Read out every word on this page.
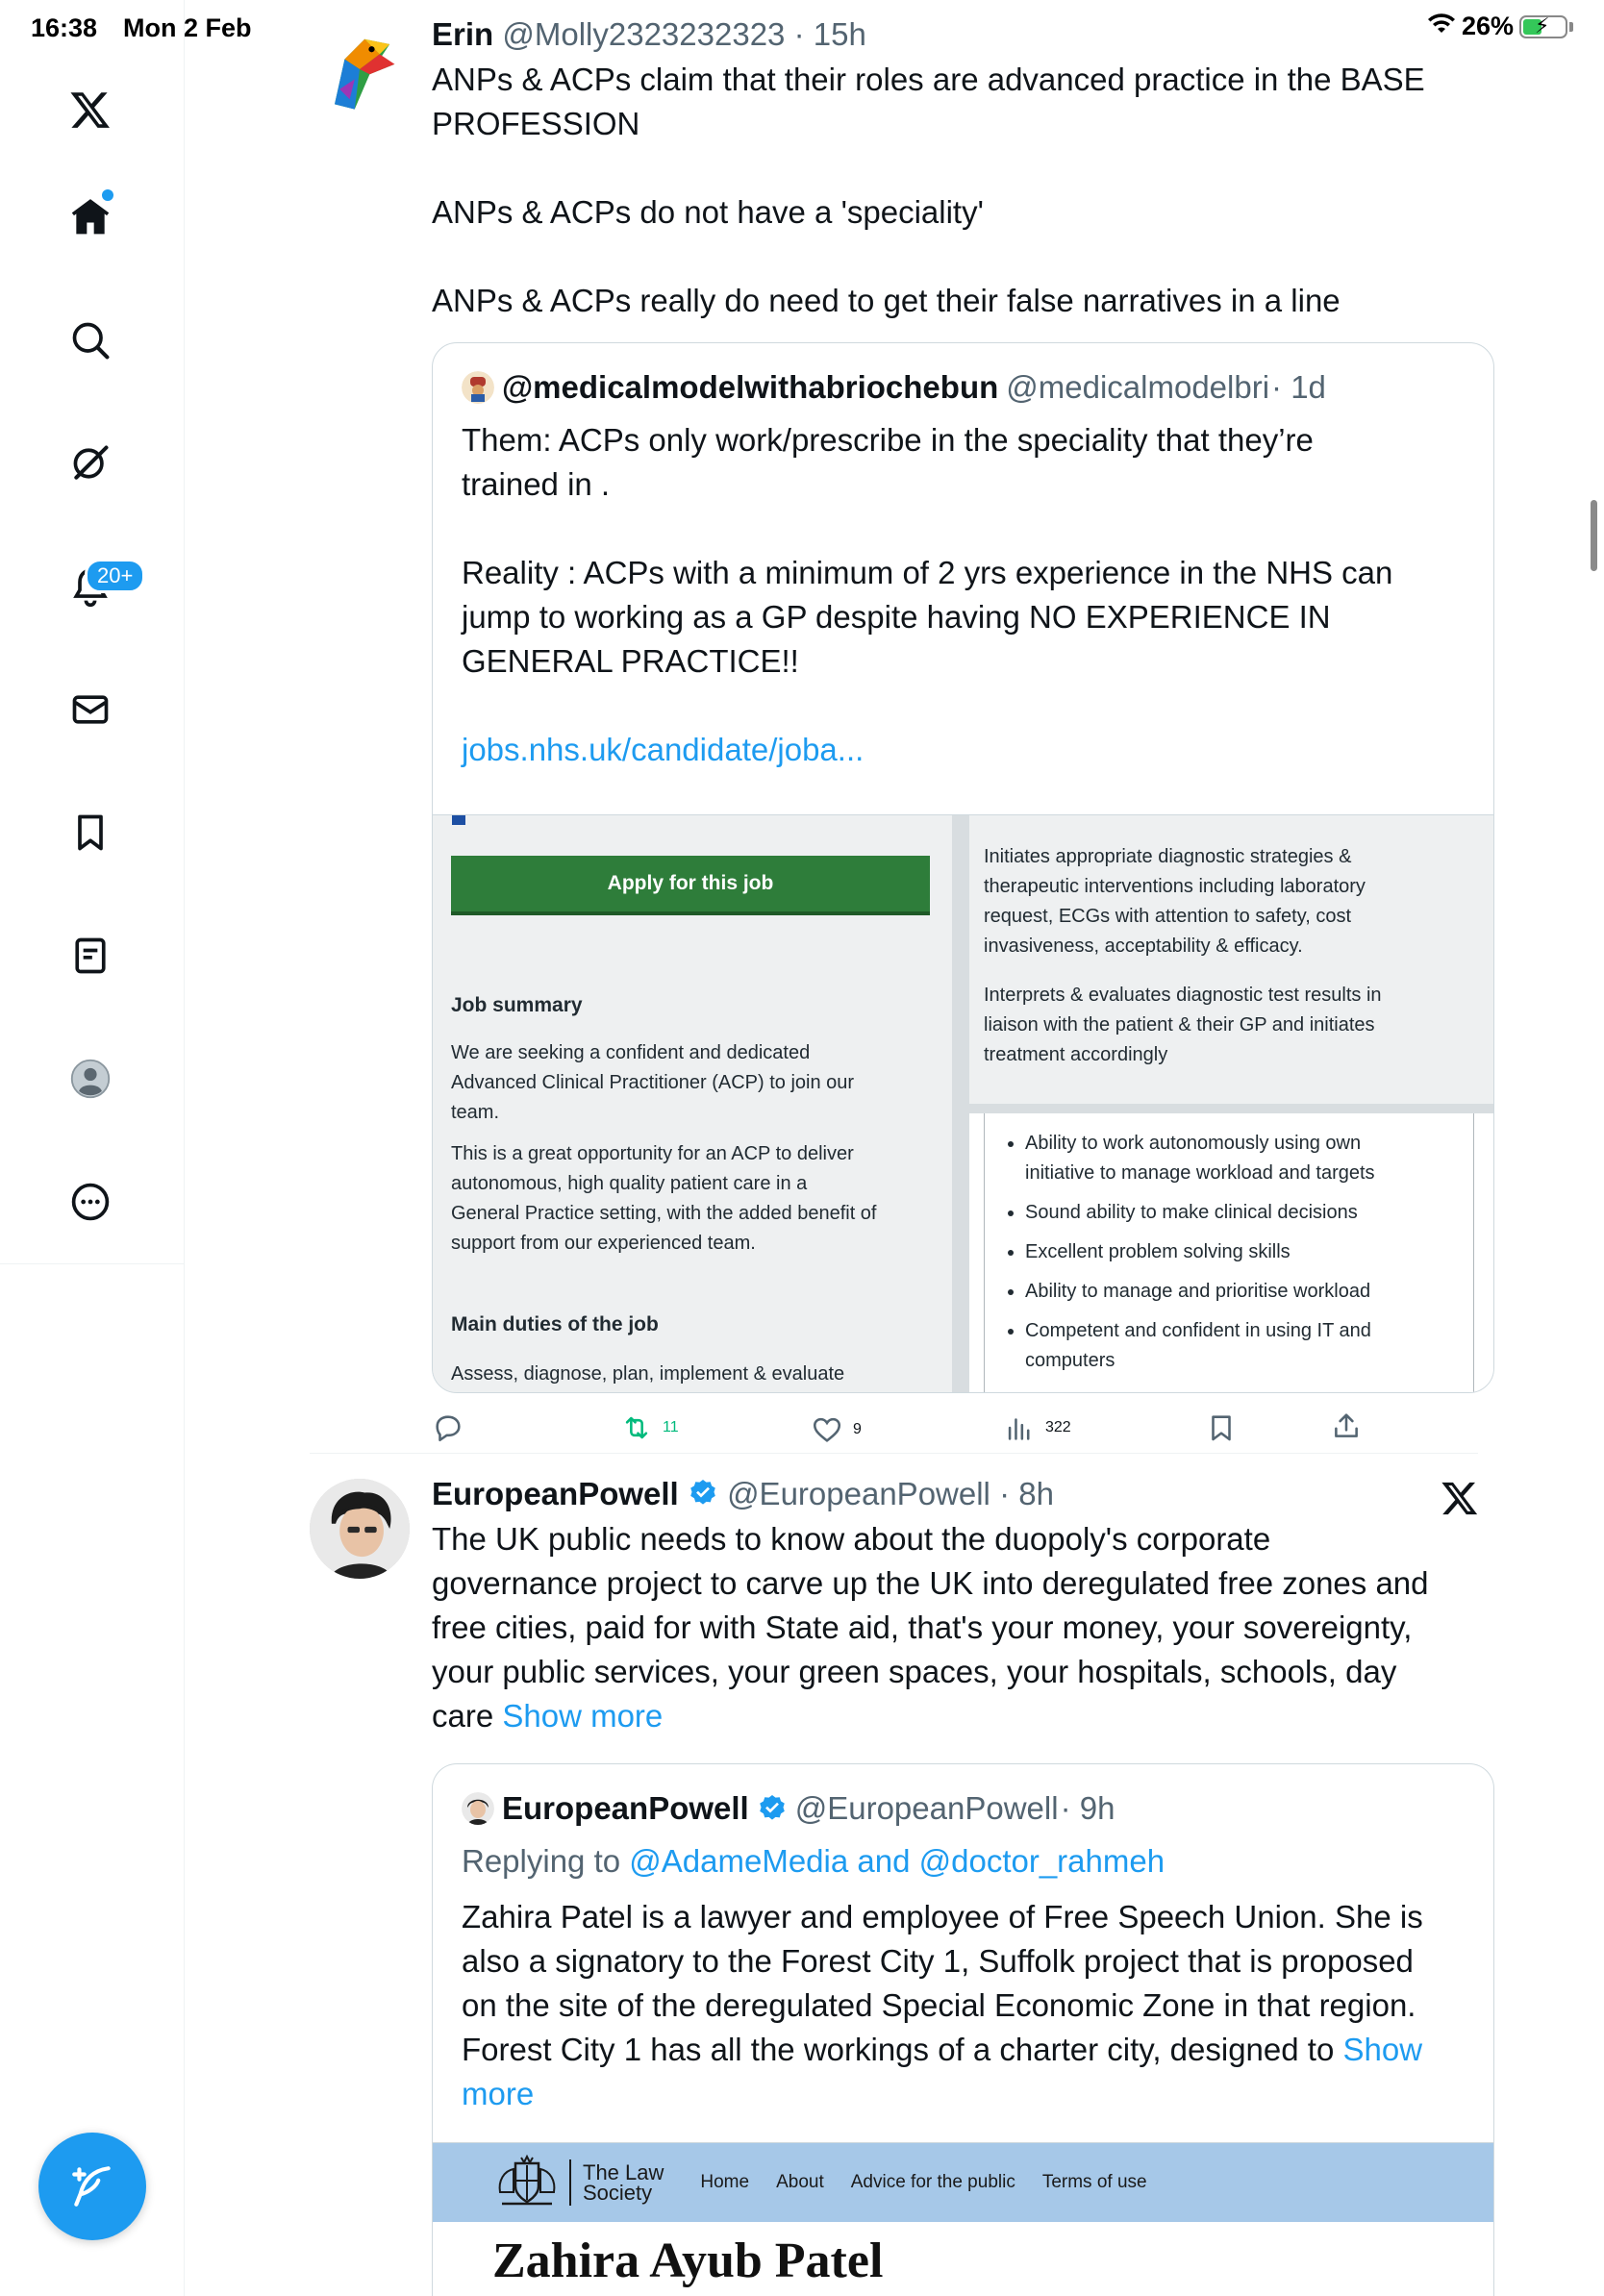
16:38 Mon 2 Feb	26% ⚡
20+
Erin @Molly2323232323 · 15h
ANPs & ACPs claim that their roles are advanced practice in the BASE
PROFESSION
ANPs & ACPs do not have a 'speciality'
ANPs & ACPs really do need to get their false narratives in a line
@medicalmodelwithabriochebun @medicalmodelbri · 1d
Them: ACPs only work/prescribe in the speciality that they’re
trained in .
Reality : ACPs with a minimum of 2 yrs experience in the NHS can
jump to working as a GP despite having NO EXPERIENCE IN
GENERAL PRACTICE!!
jobs.nhs.uk/candidate/joba...
Apply for this job
Job summary
We are seeking a confident and dedicated
Advanced Clinical Practitioner (ACP) to join our
team.
This is a great opportunity for an ACP to deliver
autonomous, high quality patient care in a
General Practice setting, with the added benefit of
support from our experienced team.
Main duties of the job
Assess, diagnose, plan, implement & evaluate
Initiates appropriate diagnostic strategies &
therapeutic interventions including laboratory
request, ECGs with attention to safety, cost
invasiveness, acceptability & efficacy.
Interprets & evaluates diagnostic test results in
liaison with the patient & their GP and initiates
treatment accordingly
• Ability to work autonomously using own
initiative to manage workload and targets
• Sound ability to make clinical decisions
• Excellent problem solving skills
• Ability to manage and prioritise workload
• Competent and confident in using IT and
computers
11	9	322
EuropeanPowell @EuropeanPowell · 8h
The UK public needs to know about the duopoly's corporate
governance project to carve up the UK into deregulated free zones and
free cities, paid for with State aid, that's your money, your sovereignty,
your public services, your green spaces, your hospitals, schools, day
care Show more
EuropeanPowell @EuropeanPowell · 9h
Replying to @AdameMedia and @doctor_rahmeh
Zahira Patel is a lawyer and employee of Free Speech Union. She is
also a signatory to the Forest City 1, Suffolk project that is proposed
on the site of the deregulated Special Economic Zone in that region.
Forest City 1 has all the workings of a charter city, designed to Show
more
The Law
Society	Home About Advice for the public Terms of use
Zahira Ayub Patel
